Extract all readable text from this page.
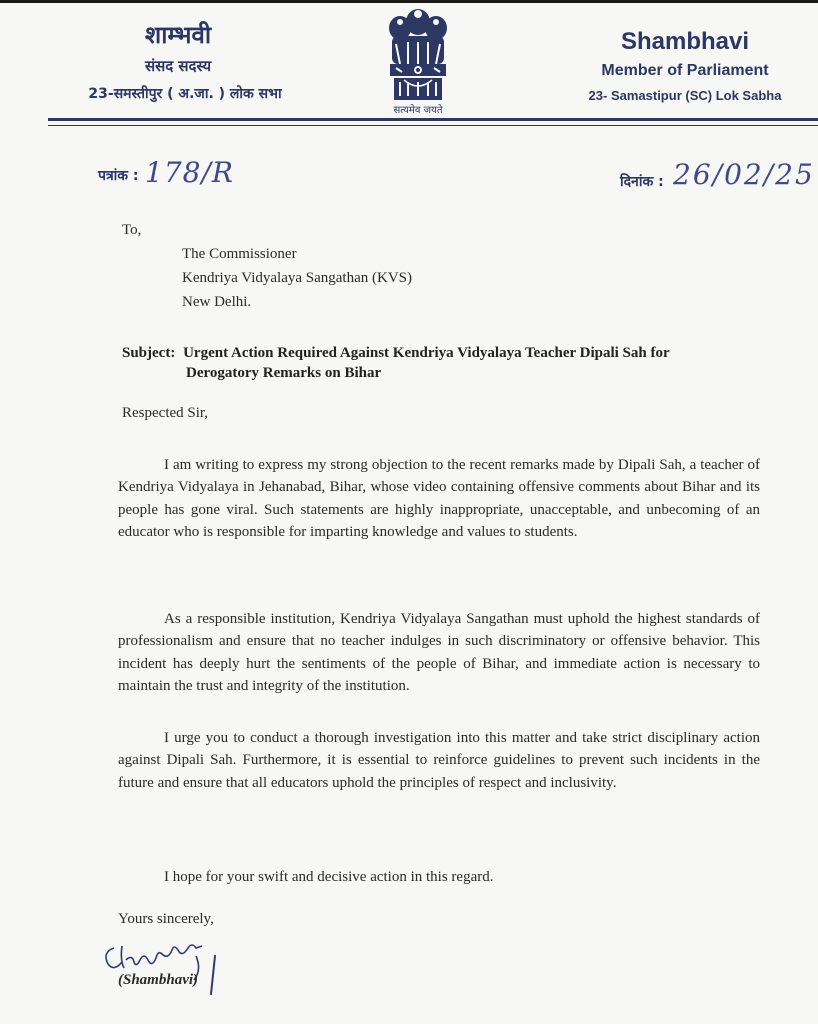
शाम्भवी
संसद सदस्य
23-समस्तीपुर ( अ.जा. ) लोक सभा
सत्यमेव जयते
Shambhavi
Member of Parliament
23- Samastipur (SC) Lok Sabha
पत्रांक : 178/R	दिनांक : 26/02/25
To,
The Commissioner
Kendriya Vidyalaya Sangathan (KVS)
New Delhi.
Subject: Urgent Action Required Against Kendriya Vidyalaya Teacher Dipali Sah for
Derogatory Remarks on Bihar
Respected Sir,

I am writing to express my strong objection to the recent remarks made by Dipali Sah, a teacher of Kendriya Vidyalaya in Jehanabad, Bihar, whose video containing offensive comments about Bihar and its people has gone viral. Such statements are highly inappropriate, unacceptable, and unbecoming of an educator who is responsible for imparting knowledge and values to students.

As a responsible institution, Kendriya Vidyalaya Sangathan must uphold the highest standards of professionalism and ensure that no teacher indulges in such discriminatory or offensive behavior. This incident has deeply hurt the sentiments of the people of Bihar, and immediate action is necessary to maintain the trust and integrity of the institution.

I urge you to conduct a thorough investigation into this matter and take strict disciplinary action against Dipali Sah. Furthermore, it is essential to reinforce guidelines to prevent such incidents in the future and ensure that all educators uphold the principles of respect and inclusivity.

I hope for your swift and decisive action in this regard.
Yours sincerely,
(Shambhavi)
